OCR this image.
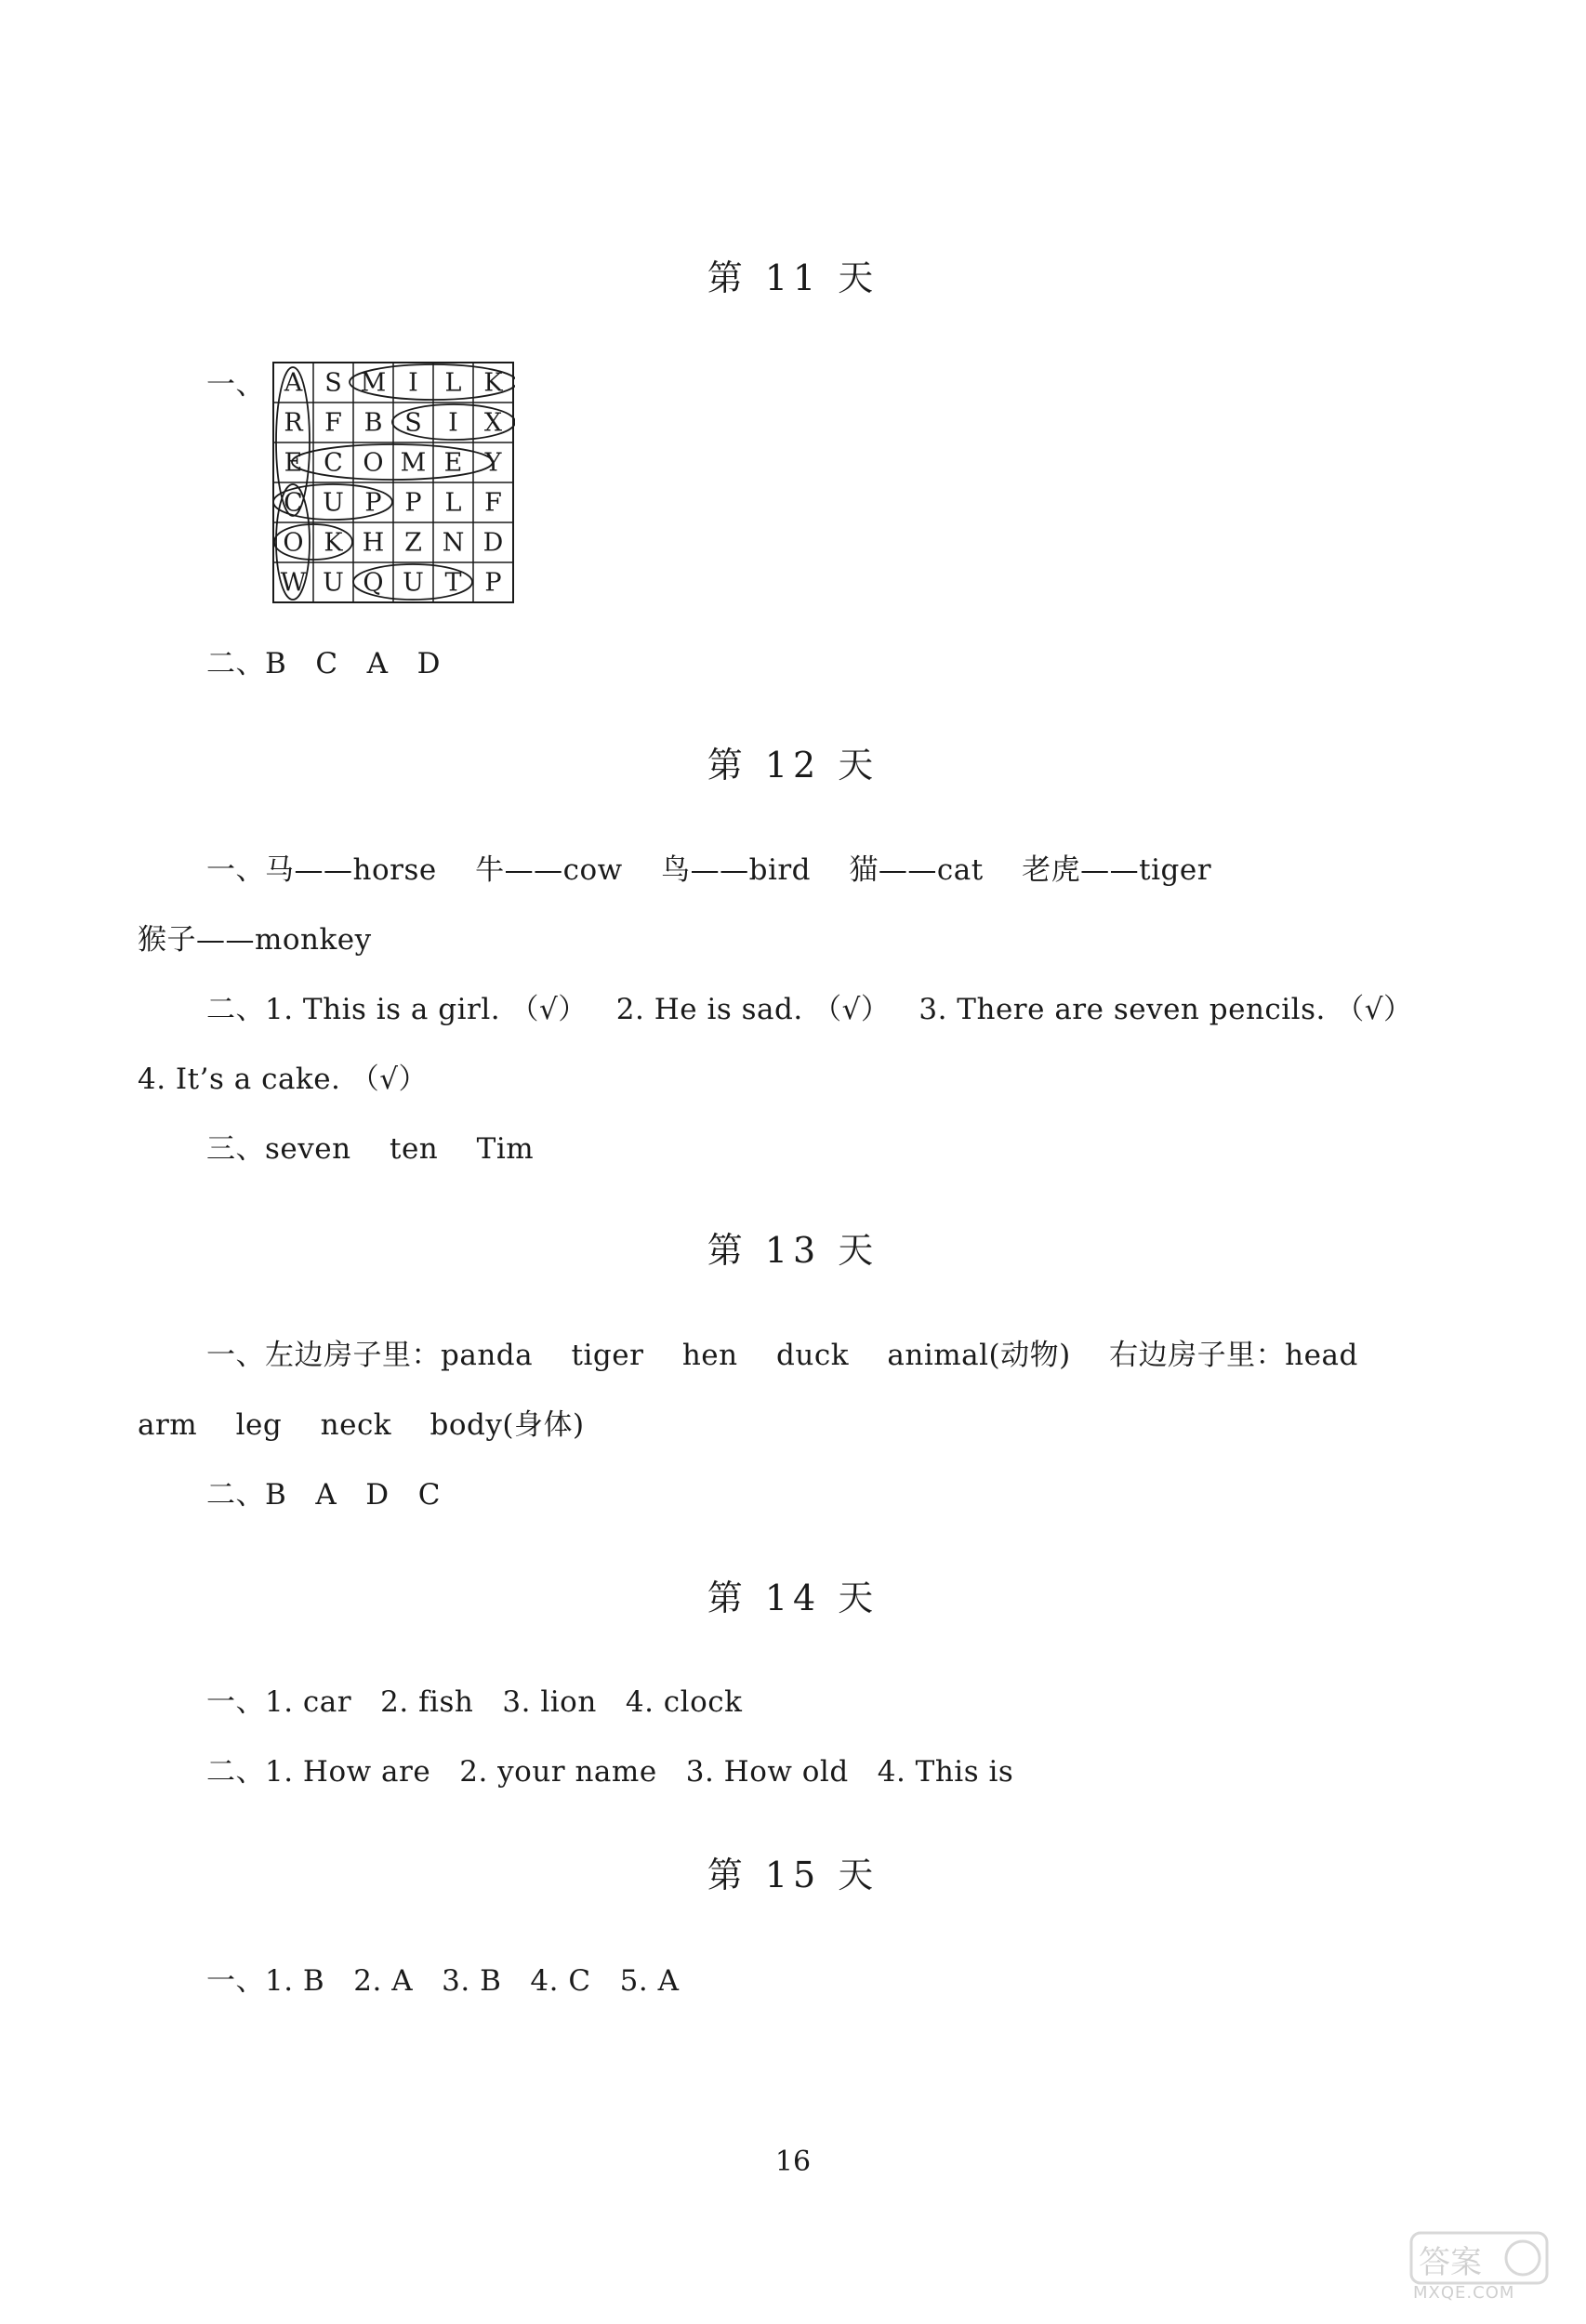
第 11 天
一、 A S M I L K
R F B S I X
E C O M E Y
C U P P L F
O K H Z N D
W U Q U T P
二、B   C   A   D
第 12 天
一、马——horse    牛——cow    鸟——bird    猫——cat    老虎——tiger
猴子——monkey
二、1. This is a girl. （√）   2. He is sad. （√）   3. There are seven pencils. （√）
4. It’s a cake. （√）
三、seven    ten    Tim
第 13 天
一、左边房子里：panda    tiger    hen    duck    animal(动物)    右边房子里：head
arm    leg    neck    body(身体)
二、B   A   D   C
第 14 天
一、1. car   2. fish   3. lion   4. clock
二、1. How are   2. your name   3. How old   4. This is
第 15 天
一、1. B   2. A   3. B   4. C   5. A
16
答案
MXQE.COM
